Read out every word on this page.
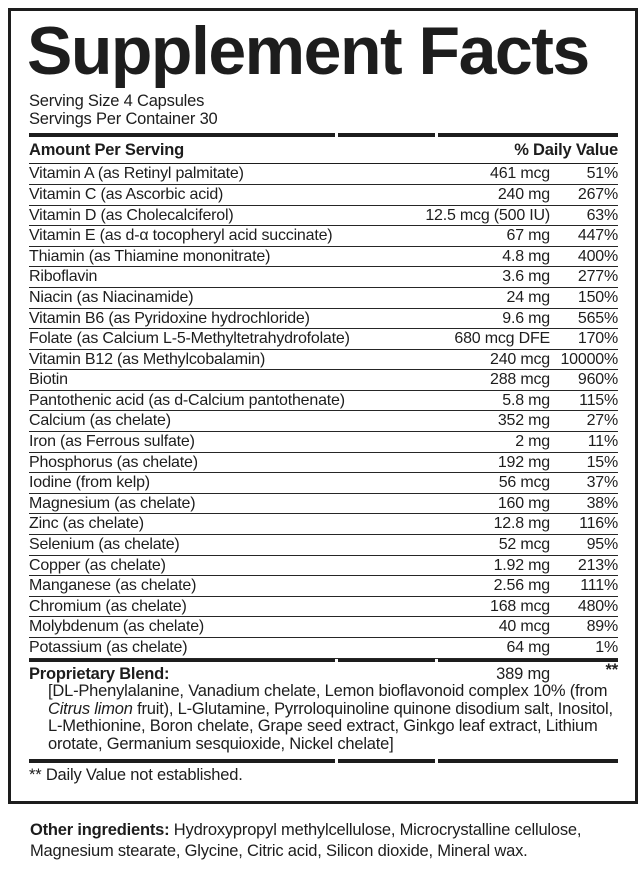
Supplement Facts
Serving Size 4 Capsules
Servings Per Container 30
Amount Per Serving	% Daily Value
Vitamin A (as Retinyl palmitate)	461 mcg	51%
Vitamin C (as Ascorbic acid)	240 mg	267%
Vitamin D (as Cholecalciferol)	12.5 mcg (500 IU)	63%
Vitamin E (as d-α tocopheryl acid succinate)	67 mg	447%
Thiamin (as Thiamine mononitrate)	4.8 mg	400%
Riboflavin	3.6 mg	277%
Niacin (as Niacinamide)	24 mg	150%
Vitamin B6 (as Pyridoxine hydrochloride)	9.6 mg	565%
Folate (as Calcium L-5-Methyltetrahydrofolate)	680 mcg DFE	170%
Vitamin B12 (as Methylcobalamin)	240 mcg 10000%
Biotin	288 mcg	960%
Pantothenic acid (as d-Calcium pantothenate)	5.8 mg	115%
Calcium (as chelate)	352 mg	27%
Iron (as Ferrous sulfate)	2 mg	11%
Phosphorus (as chelate)	192 mg	15%
Iodine (from kelp)	56 mcg	37%
Magnesium (as chelate)	160 mg	38%
Zinc (as chelate)	12.8 mg	116%
Selenium (as chelate)	52 mcg	95%
Copper (as chelate)	1.92 mg	213%
Manganese (as chelate)	2.56 mg	111%
Chromium (as chelate)	168 mcg	480%
Molybdenum (as chelate)	40 mcg	89%
Potassium (as chelate)	64 mg	1%
Proprietary Blend:	389 mg	**
[DL-Phenylalanine, Vanadium chelate, Lemon bioflavonoid complex 10% (from Citrus limon fruit), L-Glutamine, Pyrroloquinoline quinone disodium salt, Inositol, L-Methionine, Boron chelate, Grape seed extract, Ginkgo leaf extract, Lithium orotate, Germanium sesquioxide, Nickel chelate]
** Daily Value not established.

Other ingredients: Hydroxypropyl methylcellulose, Microcrystalline cellulose, Magnesium stearate, Glycine, Citric acid, Silicon dioxide, Mineral wax.
